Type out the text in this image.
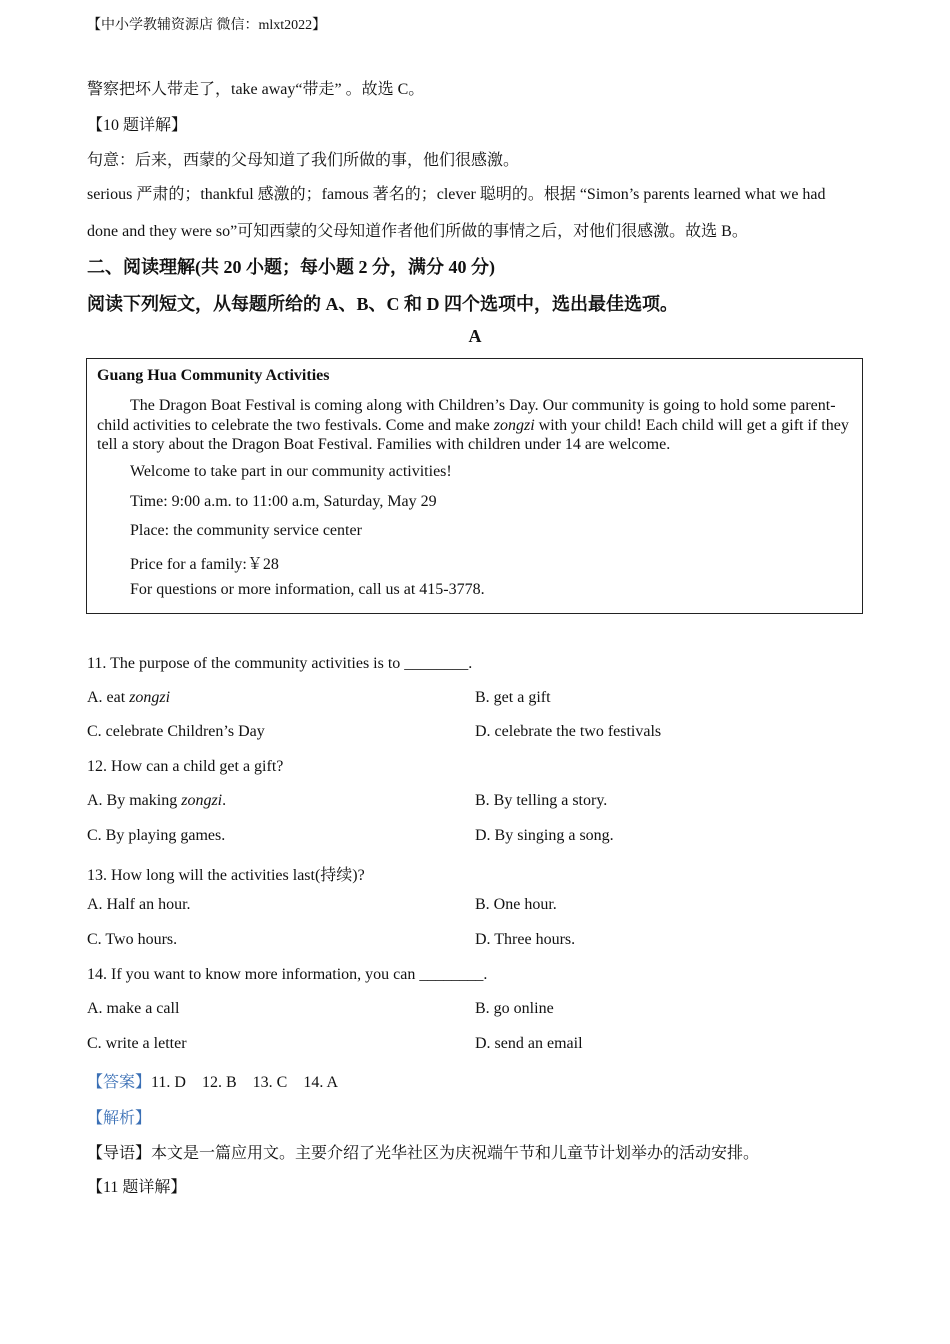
【中小学教辅资源店 微信：mlxt2022】
警察把坏人带走了，take away“带走” 。故选 C。
【10 题详解】
句意：后来，西蒙的父母知道了我们所做的事，他们很感激。
serious 严肃的；thankful 感激的；famous 著名的；clever 聪明的。根据 “Simon’s parents learned what we had
done and they were so”可知西蒙的父母知道作者他们所做的事情之后，对他们很感激。故选 B。
二、阅读理解(共 20 小题；每小题 2 分，满分 40 分)
阅读下列短文，从每题所给的 A、B、C 和 D 四个选项中，选出最佳选项。
A
Guang Hua Community Activities
The Dragon Boat Festival is coming along with Children’s Day. Our community is going to hold some parent-child activities to celebrate the two festivals. Come and make zongzi with your child! Each child will get a gift if they tell a story about the Dragon Boat Festival. Families with children under 14 are welcome.
Welcome to take part in our community activities!
Time: 9:00 a.m. to 11:00 a.m, Saturday, May 29
Place: the community service center
Price for a family:￥28
For questions or more information, call us at 415-3778.
11. The purpose of the community activities is to ________.
A. eat zongzi	B. get a gift
C. celebrate Children’s Day	D. celebrate the two festivals
12. How can a child get a gift?
A. By making zongzi.	B. By telling a story.
C. By playing games.	D. By singing a song.
13. How long will the activities last(持续)?
A. Half an hour.	B. One hour.
C. Two hours.	D. Three hours.
14. If you want to know more information, you can ________.
A. make a call	B. go online
C. write a letter	D. send an email
【答案】11. D    12. B    13. C    14. A
【解析】
【导语】本文是一篇应用文。主要介绍了光华社区为庆祝端午节和儿童节计划举办的活动安排。
【11 题详解】
